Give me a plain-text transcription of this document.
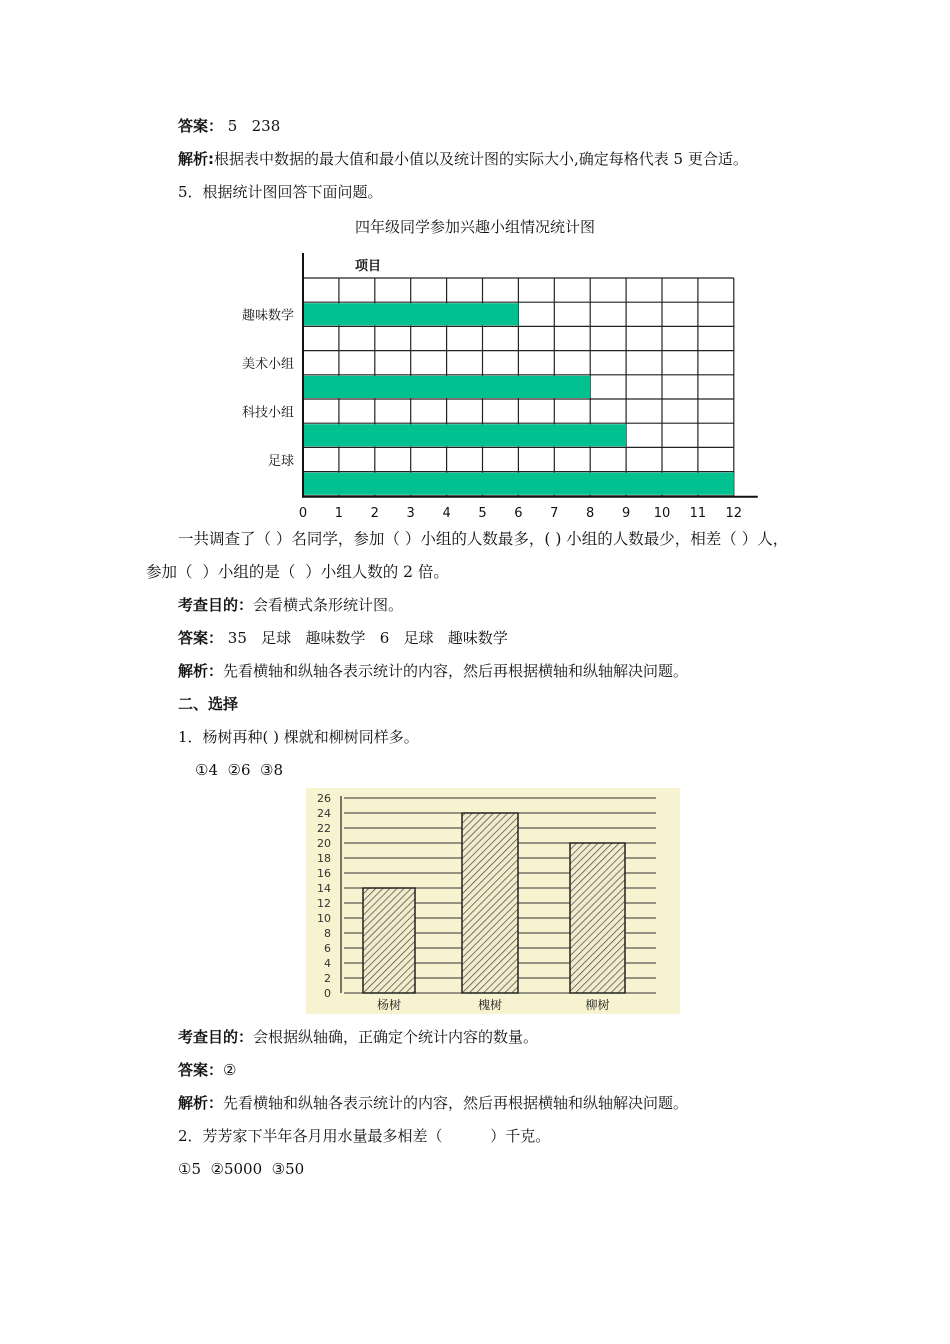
答案： 5   238
解析:根据表中数据的最大值和最小值以及统计图的实际大小,确定每格代表 5 更合适。
5．根据统计图回答下面问题。
四年级同学参加兴趣小组情况统计图
项目
趣味数学
美术小组
科技小组
足球
0 1 2 3 4 5 6 7 8 9 10 11 12
一共调查了（ ）名同学，参加（ ）小组的人数最多，( ) 小组的人数最少，相差（ ）人，
参加（  ）小组的是（  ）小组人数的 2 倍。
考查目的：会看横式条形统计图。
答案： 35   足球   趣味数学   6   足球   趣味数学
解析：先看横轴和纵轴各表示统计的内容，然后再根据横轴和纵轴解决问题。
二、选择
1．杨树再种( ) 棵就和柳树同样多。
①4  ②6  ③8
0
2
4
6
8
10
12
14
16
18
20
22
24
26
杨树	槐树	柳树
考查目的：会根据纵轴确，正确定个统计内容的数量。
答案：②
解析：先看横轴和纵轴各表示统计的内容，然后再根据横轴和纵轴解决问题。
2．芳芳家下半年各月用水量最多相差（          ）千克。
①5  ②5000  ③50
